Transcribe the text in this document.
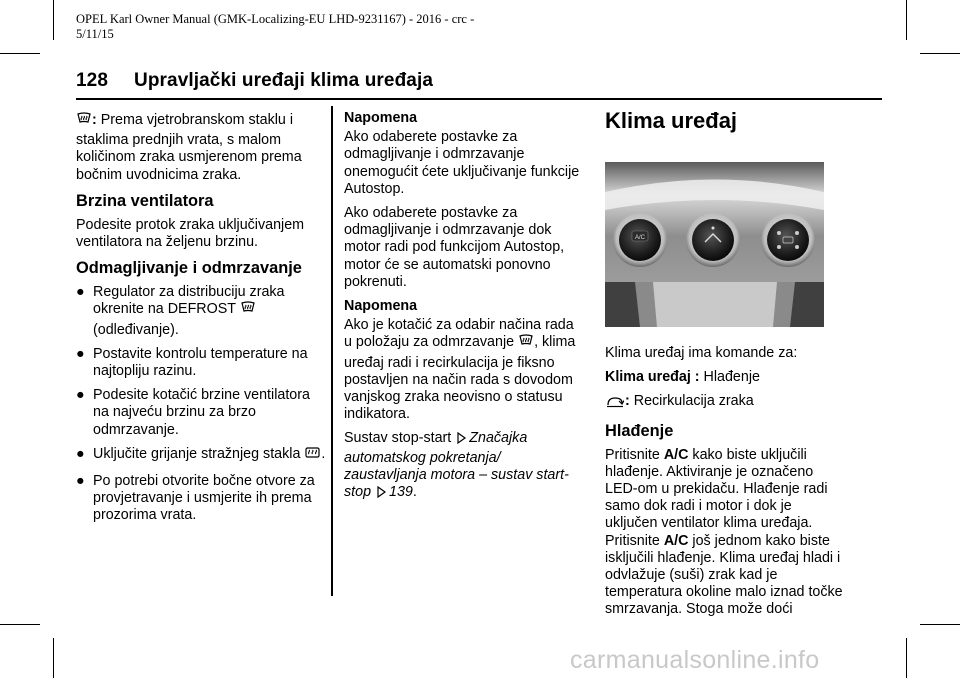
OPEL Karl Owner Manual (GMK-Localizing-EU LHD-9231167) - 2016 - crc -
5/11/15
128 Upravljački uređaji klima uređaja

: Prema vjetrobranskom staklu i staklima prednjih vrata, s malom količinom zraka usmjerenom prema bočnim uvodnicima zraka.

Brzina ventilatora

Podesite protok zraka uključivanjem ventilatora na željenu brzinu.

Odmagljivanje i odmrzavanje
● Regulator za distribuciju zraka okrenite na DEFROST  (odleđivanje).
● Postavite kontrolu temperature na najtopliju razinu.
● Podesite kotačić brzine ventilatora na najveću brzinu za brzo odmrzavanje.
● Uključite grijanje stražnjeg stakla .
● Po potrebi otvorite bočne otvore za provjetravanje i usmjerite ih prema prozorima vrata.

Napomena

Ako odaberete postavke za odmagljivanje i odmrzavanje onemogućit ćete uključivanje funkcije Autostop.

Ako odaberete postavke za odmagljivanje i odmrzavanje dok motor radi pod funkcijom Autostop, motor će se automatski ponovno pokrenuti.

Napomena

Ako je kotačić za odabir načina rada u položaju za odmrzavanje , klima uređaj radi i recirkulacija je fiksno postavljen na način rada s dovodom vanjskog zraka neovisno o statusu indikatora.

Sustav stop-start Značajka automatskog pokretanja/ zaustavljanja motora – sustav start-stop 139.

Klima uređaj
A/C

Klima uređaj ima komande za:

Klima uređaj : Hlađenje

: Recirkulacija zraka

Hlađenje

Pritisnite A/C kako biste uključili hlađenje. Aktiviranje je označeno LED-om u prekidaču. Hlađenje radi samo dok radi i motor i dok je uključen ventilator klima uređaja. Pritisnite A/C još jednom kako biste isključili hlađenje. Klima uređaj hladi i odvlažuje (suši) zrak kad je temperatura okoline malo iznad točke smrzavanja. Stoga može doći

carmanualsonline.info
